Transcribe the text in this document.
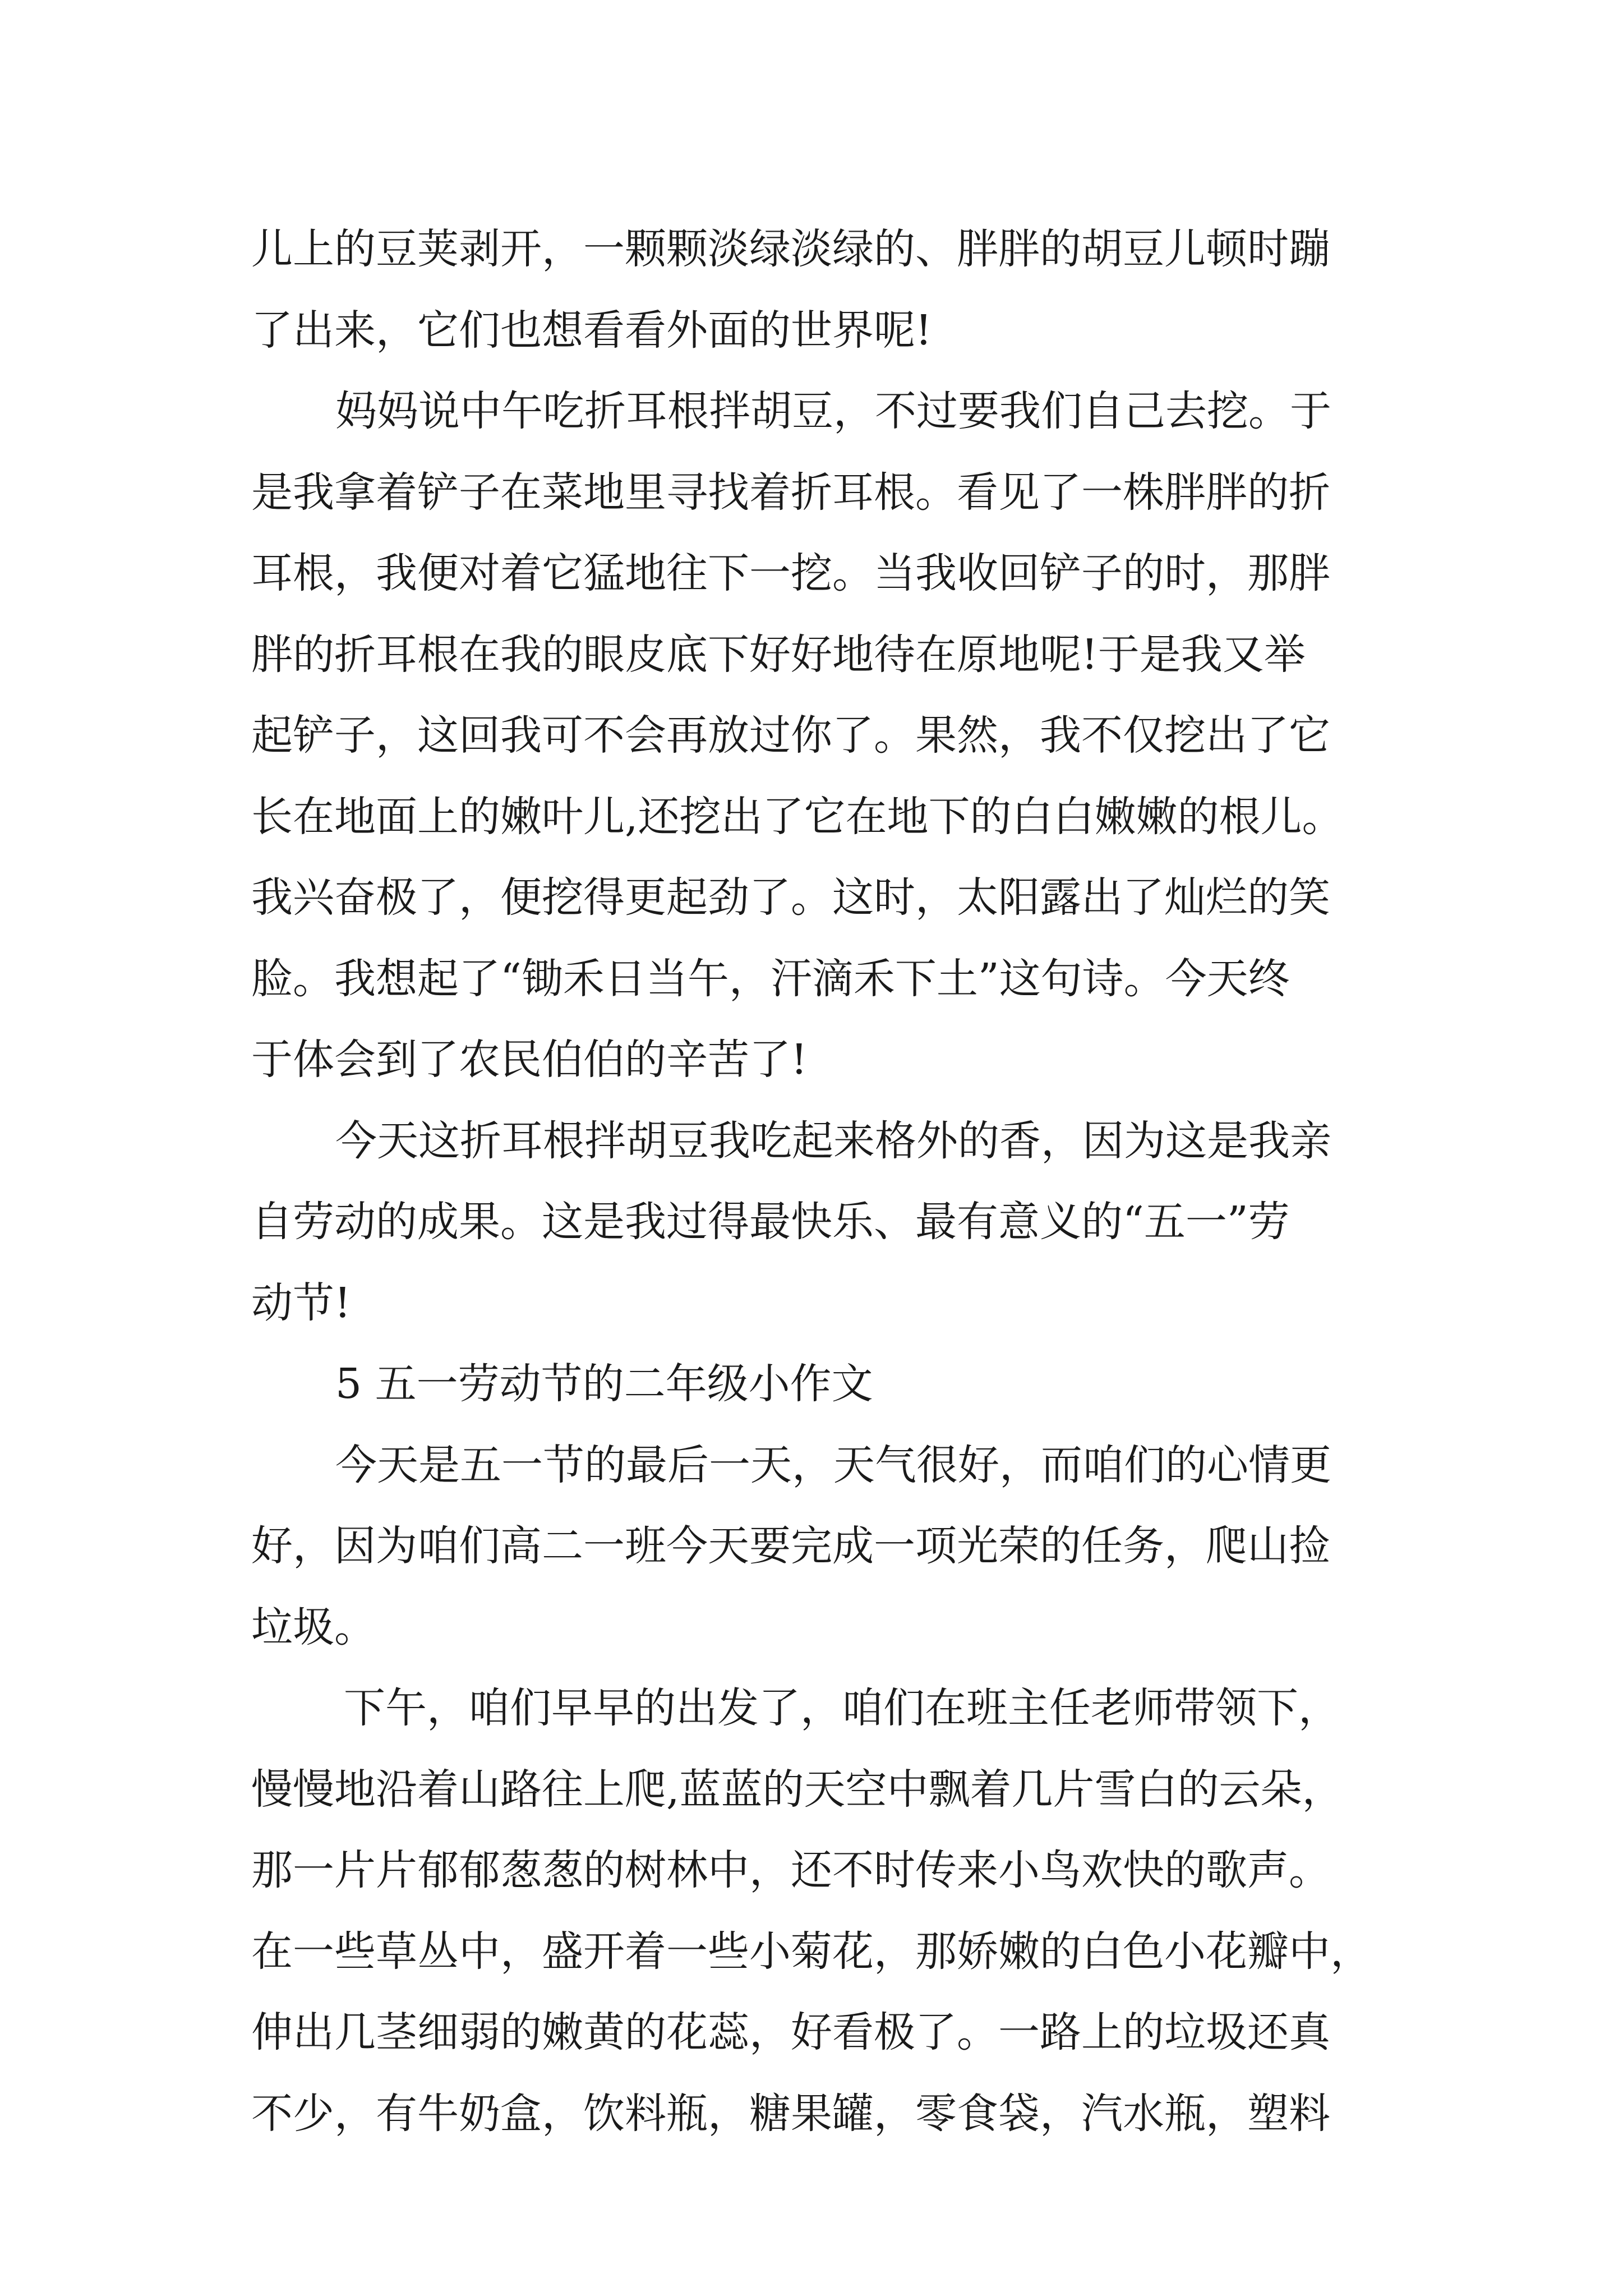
儿上的豆荚剥开，一颗颗淡绿淡绿的、胖胖的胡豆儿顿时蹦
了出来，它们也想看看外面的世界呢!
妈妈说中午吃折耳根拌胡豆，不过要我们自己去挖。于
是我拿着铲子在菜地里寻找着折耳根。看见了一株胖胖的折
耳根，我便对着它猛地往下一挖。当我收回铲子的时，那胖
胖的折耳根在我的眼皮底下好好地待在原地呢!于是我又举
起铲子，这回我可不会再放过你了。果然，我不仅挖出了它
长在地面上的嫩叶儿,还挖出了它在地下的白白嫩嫩的根儿。
我兴奋极了，便挖得更起劲了。这时，太阳露出了灿烂的笑
脸。我想起了“锄禾日当午，汗滴禾下土”这句诗。今天终
于体会到了农民伯伯的辛苦了!
今天这折耳根拌胡豆我吃起来格外的香，因为这是我亲
自劳动的成果。这是我过得最快乐、最有意义的“五一”劳
动节!
5 五一劳动节的二年级小作文
今天是五一节的最后一天，天气很好，而咱们的心情更
好，因为咱们高二一班今天要完成一项光荣的任务，爬山捡
垃圾。
下午，咱们早早的出发了，咱们在班主任老师带领下，
慢慢地沿着山路往上爬,蓝蓝的天空中飘着几片雪白的云朵，
那一片片郁郁葱葱的树林中，还不时传来小鸟欢快的歌声。
在一些草丛中，盛开着一些小菊花，那娇嫩的白色小花瓣中，
伸出几茎细弱的嫩黄的花蕊，好看极了。一路上的垃圾还真
不少，有牛奶盒，饮料瓶，糖果罐，零食袋，汽水瓶，塑料
